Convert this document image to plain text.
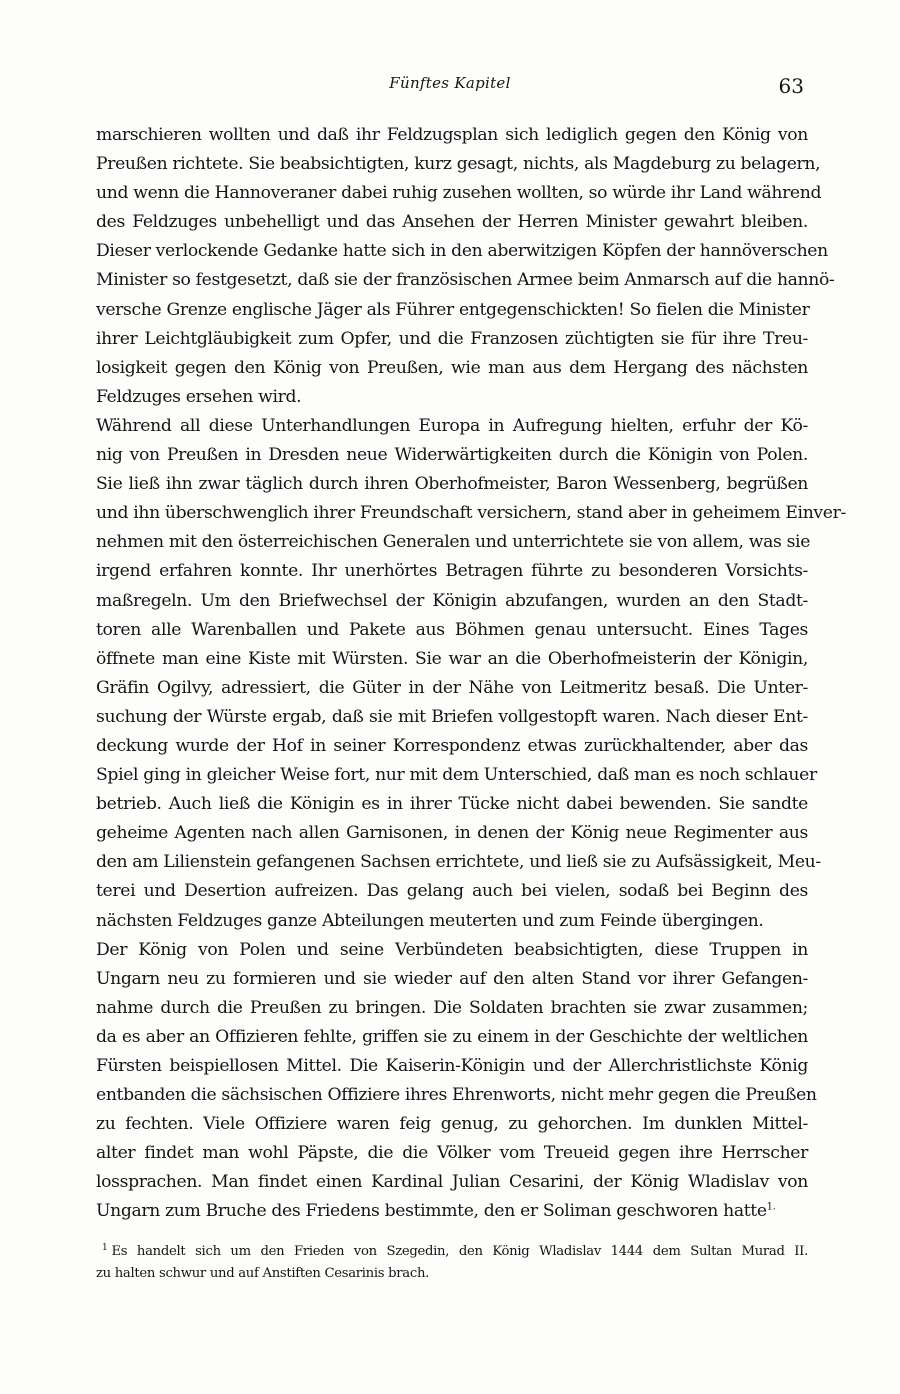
Fünftes Kapitel	63

marschieren wollten und daß ihr Feldzugsplan sich lediglich gegen den König von
Preußen richtete. Sie beabsichtigten, kurz gesagt, nichts, als Magdeburg zu belagern,
und wenn die Hannoveraner dabei ruhig zusehen wollten, so würde ihr Land während
des Feldzuges unbehelligt und das Ansehen der Herren Minister gewahrt bleiben.
Dieser verlockende Gedanke hatte sich in den aberwitzigen Köpfen der hannöverschen
Minister so festgesetzt, daß sie der französischen Armee beim Anmarsch auf die hannö-
versche Grenze englische Jäger als Führer entgegenschickten! So fielen die Minister
ihrer Leichtgläubigkeit zum Opfer, und die Franzosen züchtigten sie für ihre Treu-
losigkeit gegen den König von Preußen, wie man aus dem Hergang des nächsten
Feldzuges ersehen wird.

Während all diese Unterhandlungen Europa in Aufregung hielten, erfuhr der Kö-
nig von Preußen in Dresden neue Widerwärtigkeiten durch die Königin von Polen.
Sie ließ ihn zwar täglich durch ihren Oberhofmeister, Baron Wessenberg, begrüßen
und ihn überschwenglich ihrer Freundschaft versichern, stand aber in geheimem Einver-
nehmen mit den österreichischen Generalen und unterrichtete sie von allem, was sie
irgend erfahren konnte. Ihr unerhörtes Betragen führte zu besonderen Vorsichts-
maßregeln. Um den Briefwechsel der Königin abzufangen, wurden an den Stadt-
toren alle Warenballen und Pakete aus Böhmen genau untersucht. Eines Tages
öffnete man eine Kiste mit Würsten. Sie war an die Oberhofmeisterin der Königin,
Gräfin Ogilvy, adressiert, die Güter in der Nähe von Leitmeritz besaß. Die Unter-
suchung der Würste ergab, daß sie mit Briefen vollgestopft waren. Nach dieser Ent-
deckung wurde der Hof in seiner Korrespondenz etwas zurückhaltender, aber das
Spiel ging in gleicher Weise fort, nur mit dem Unterschied, daß man es noch schlauer
betrieb. Auch ließ die Königin es in ihrer Tücke nicht dabei bewenden. Sie sandte
geheime Agenten nach allen Garnisonen, in denen der König neue Regimenter aus
den am Lilienstein gefangenen Sachsen errichtete, und ließ sie zu Aufsässigkeit, Meu-
terei und Desertion aufreizen. Das gelang auch bei vielen, sodaß bei Beginn des
nächsten Feldzuges ganze Abteilungen meuterten und zum Feinde übergingen.

Der König von Polen und seine Verbündeten beabsichtigten, diese Truppen in
Ungarn neu zu formieren und sie wieder auf den alten Stand vor ihrer Gefangen-
nahme durch die Preußen zu bringen. Die Soldaten brachten sie zwar zusammen;
da es aber an Offizieren fehlte, griffen sie zu einem in der Geschichte der weltlichen
Fürsten beispiellosen Mittel. Die Kaiserin-Königin und der Allerchristlichste König
entbanden die sächsischen Offiziere ihres Ehrenworts, nicht mehr gegen die Preußen
zu fechten. Viele Offiziere waren feig genug, zu gehorchen. Im dunklen Mittel-
alter findet man wohl Päpste, die die Völker vom Treueid gegen ihre Herrscher
lossprachen. Man findet einen Kardinal Julian Cesarini, der König Wladislav von
Ungarn zum Bruche des Friedens bestimmte, den er Soliman geschworen hatte$^{1.}$

$^1$ Es handelt sich um den Frieden von Szegedin, den König Wladislav 1444 dem Sultan Murad II.
zu halten schwur und auf Anstiften Cesarinis brach.
